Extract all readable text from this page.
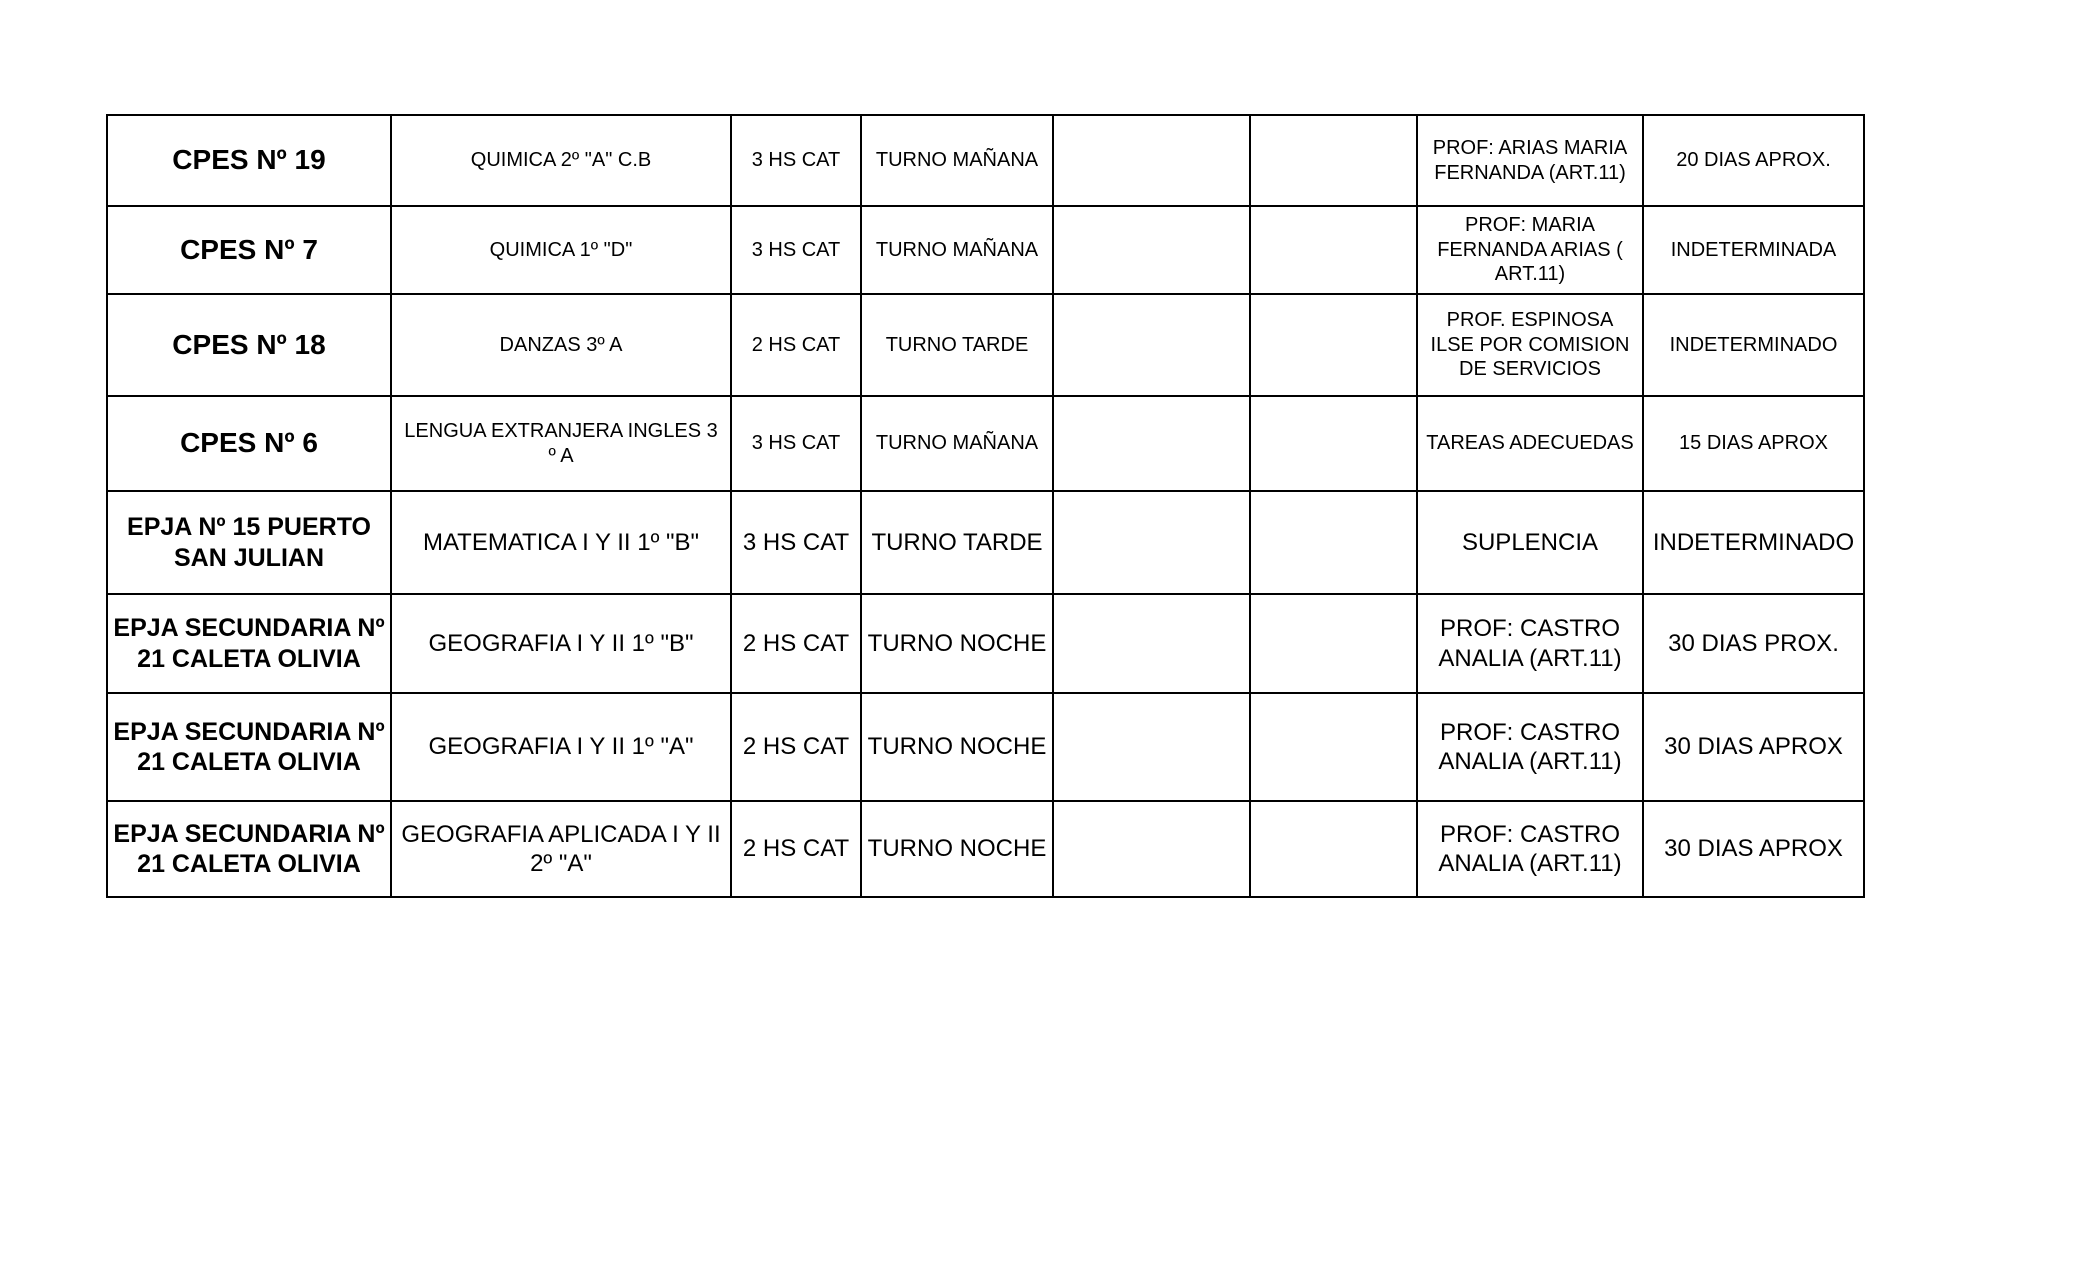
CPES Nº 19	QUIMICA 2º "A" C.B	3 HS CAT	TURNO MAÑANA			PROF: ARIAS MARIA
FERNANDA (ART.11)	20 DIAS APROX.
CPES Nº 7	QUIMICA 1º "D"	3 HS CAT	TURNO MAÑANA			PROF: MARIA
FERNANDA ARIAS (
ART.11)	INDETERMINADA
CPES Nº 18	DANZAS 3º A	2 HS CAT	TURNO TARDE			PROF. ESPINOSA
ILSE POR COMISION
DE SERVICIOS	INDETERMINADO
CPES Nº 6	LENGUA EXTRANJERA INGLES 3
º A	3 HS CAT	TURNO MAÑANA			TAREAS ADECUEDAS	15 DIAS APROX
EPJA Nº 15 PUERTO
SAN JULIAN	MATEMATICA I Y II 1º "B"	3 HS CAT	TURNO TARDE			SUPLENCIA	INDETERMINADO
EPJA SECUNDARIA Nº
21 CALETA OLIVIA	GEOGRAFIA I Y II 1º "B"	2 HS CAT	TURNO NOCHE			PROF: CASTRO
ANALIA (ART.11)	30 DIAS PROX.
EPJA SECUNDARIA Nº
21 CALETA OLIVIA	GEOGRAFIA I Y II 1º "A"	2 HS CAT	TURNO NOCHE			PROF: CASTRO
ANALIA (ART.11)	30 DIAS APROX
EPJA SECUNDARIA Nº
21 CALETA OLIVIA	GEOGRAFIA APLICADA I Y II
2º "A"	2 HS CAT	TURNO NOCHE			PROF: CASTRO
ANALIA (ART.11)	30 DIAS APROX
